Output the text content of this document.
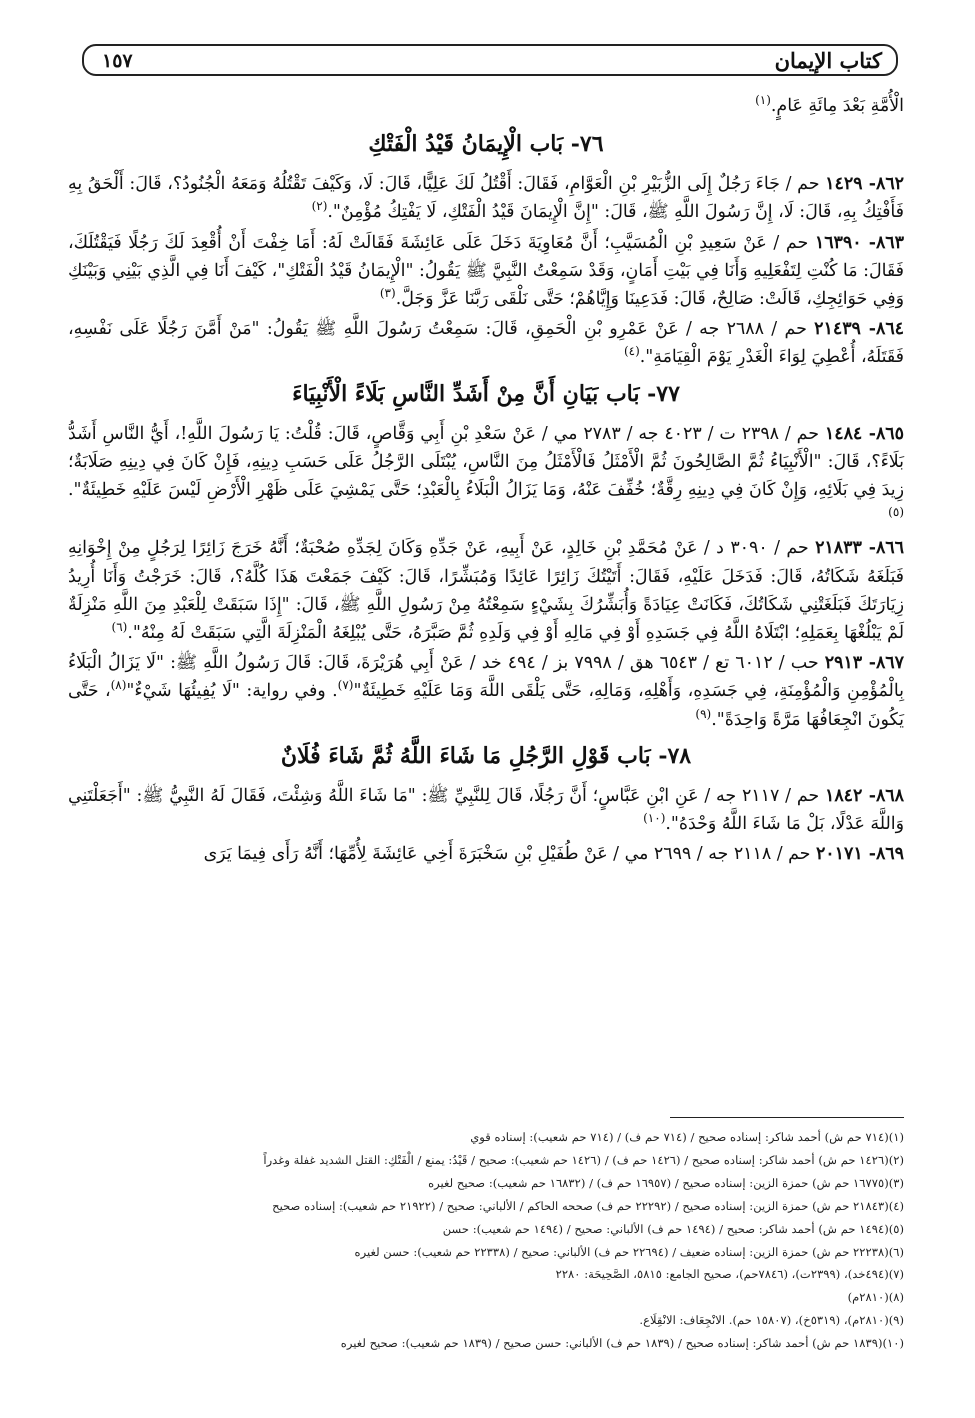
كتاب الإيمان
١٥٧

الْأُمَّةِ بَعْدَ مِائَةِ عَامٍ.$^{(١)}$

٧٦- بَاب الْإِيمَانُ قَيْدُ الْفَتْكِ

٨٦٢- ١٤٢٩ حم / جَاءَ رَجُلٌ إِلَى الزُّبَيْرِ بْنِ الْعَوَّامِ، فَقَالَ: أَقْتُلُ لَكَ عَلِيًّا، قَالَ: لَا، وَكَيْفَ تَقْتُلُهُ وَمَعَهُ الْجُنُودُ؟، قَالَ: أَلْحَقُ بِهِ فَأَفْتِكُ بِهِ، قَالَ: لَا، إِنَّ رَسُولَ اللَّهِ ﷺ، قَالَ: "إِنَّ الْإِيمَانَ قَيْدُ الْفَتْكِ، لَا يَفْتِكُ مُؤْمِنٌ".$^{(٢)}$

٨٦٣- ١٦٣٩٠ حم / عَنْ سَعِيدِ بْنِ الْمُسَيَّبِ؛ أَنَّ مُعَاوِيَةَ دَخَلَ عَلَى عَائِشَةَ فَقَالَتْ لَهُ: أَمَا خِفْتَ أَنْ أُقْعِدَ لَكَ رَجُلًا فَيَقْتُلَكَ، فَقَالَ: مَا كُنْتِ لِتَفْعَلِيهِ وَأَنَا فِي بَيْتِ أَمَانٍ، وَقَدْ سَمِعْتُ النَّبِيَّ ﷺ يَقُولُ: "الْإِيمَانُ قَيْدُ الْفَتْكِ"، كَيْفَ أَنَا فِي الَّذِي بَيْنِي وَبَيْنَكِ وَفِي حَوَائِجِكِ، قَالَتْ: صَالِحٌ، قَالَ: فَدَعِينَا وَإِيَّاهُمْ؛ حَتَّى نَلْقَى رَبَّنَا عَزَّ وَجَلَّ.$^{(٣)}$

٨٦٤- ٢١٤٣٩ حم / ٢٦٨٨ جه / عَنْ عَمْرِو بْنِ الْحَمِقِ، قَالَ: سَمِعْتُ رَسُولَ اللَّهِ ﷺ يَقُولُ: "مَنْ أَمَّنَ رَجُلًا عَلَى نَفْسِهِ، فَقَتَلَهُ، أُعْطِيَ لِوَاءَ الْغَدْرِ يَوْمَ الْقِيَامَةِ".$^{(٤)}$

٧٧- بَاب بَيَانِ أَنَّ مِنْ أَشَدِّ النَّاسِ بَلَاءً الْأَنْبِيَاءَ

٨٦٥- ١٤٨٤ حم / ٢٣٩٨ ت / ٤٠٢٣ جه / ٢٧٨٣ مي / عَنْ سَعْدِ بْنِ أَبِي وَقَّاصٍ، قَالَ: قُلْتُ: يَا رَسُولَ اللَّهِ!، أَيُّ النَّاسِ أَشَدُّ بَلَاءً؟، قَالَ: "الْأَنْبِيَاءُ ثُمَّ الصَّالِحُونَ ثُمَّ الْأَمْثَلُ فَالْأَمْثَلُ مِنَ النَّاسِ، يُبْتَلَى الرَّجُلُ عَلَى حَسَبِ دِينِهِ، فَإِنْ كَانَ فِي دِينِهِ صَلَابَةٌ؛ زِيدَ فِي بَلَائِهِ، وَإِنْ كَانَ فِي دِينِهِ رِقَّةٌ؛ خُفِّفَ عَنْهُ، وَمَا يَزَالُ الْبَلَاءُ بِالْعَبْدِ؛ حَتَّى يَمْشِيَ عَلَى ظَهْرِ الْأَرْضِ لَيْسَ عَلَيْهِ خَطِيئَةٌ".$^{(٥)}$

٨٦٦- ٢١٨٣٣ حم / ٣٠٩٠ د / عَنْ مُحَمَّدِ بْنِ خَالِدٍ، عَنْ أَبِيهِ، عَنْ جَدِّهِ وَكَانَ لِجَدِّهِ صُحْبَةٌ؛ أَنَّهُ خَرَجَ زَائِرًا لِرَجُلٍ مِنْ إِخْوَانِهِ فَبَلَغَهُ شَكَاتُهُ، قَالَ: فَدَخَلَ عَلَيْهِ، فَقَالَ: أَتَيْتُكَ زَائِرًا عَائِدًا وَمُبَشِّرًا، قَالَ: كَيْفَ جَمَعْتَ هَذَا كُلَّهُ؟، قَالَ: خَرَجْتُ وَأَنَا أُرِيدُ زِيَارَتَكَ فَبَلَغَتْنِي شَكَاتُكَ، فَكَانَتْ عِيَادَةً وَأُبَشِّرُكَ بِشَيْءٍ سَمِعْتُهُ مِنْ رَسُولِ اللَّهِ ﷺ، قَالَ: "إِذَا سَبَقَتْ لِلْعَبْدِ مِنَ اللَّهِ مَنْزِلَةٌ لَمْ يَبْلُغْهَا بِعَمَلِهِ؛ ابْتَلَاهُ اللَّهُ فِي جَسَدِهِ أَوْ فِي مَالِهِ أَوْ فِي وَلَدِهِ ثُمَّ صَبَّرَهُ، حَتَّى يُبْلِغَهُ الْمَنْزِلَةَ الَّتِي سَبَقَتْ لَهُ مِنْهُ".$^{(٦)}$

٨٦٧- ٢٩١٣ حب / ٦٠١٢ تع / ٦٥٤٣ هق / ٧٩٩٨ بز / ٤٩٤ خد / عَنْ أَبِي هُرَيْرَةَ، قَالَ: قَالَ رَسُولُ اللَّهِ ﷺ: "لَا يَزَالُ الْبَلَاءُ بِالْمُؤْمِنِ وَالْمُؤْمِنَةِ، فِي جَسَدِهِ، وَأَهْلِهِ، وَمَالِهِ، حَتَّى يَلْقَى اللَّهَ وَمَا عَلَيْهِ خَطِيئَةٌ"$^{(٧)}$. وفي رواية: "لَا يُفِيئُهَا شَيْءٌ"$^{(٨)}$، حَتَّى يَكُونَ انْجِعَافُهَا مَرَّةً وَاحِدَةً".$^{(٩)}$

٧٨- بَاب قَوْلِ الرَّجُلِ مَا شَاءَ اللَّهُ ثُمَّ شَاءَ فُلَانٌ

٨٦٨- ١٨٤٢ حم / ٢١١٧ جه / عَنِ ابْنِ عَبَّاسٍ؛ أَنَّ رَجُلًا، قَالَ لِلنَّبِيِّ ﷺ: "مَا شَاءَ اللَّهُ وَشِئْتَ، فَقَالَ لَهُ النَّبِيُّ ﷺ: "أَجَعَلْتَنِي وَاللَّهَ عَدْلًا، بَلْ مَا شَاءَ اللَّهُ وَحْدَهُ".$^{(١٠)}$

٨٦٩- ٢٠١٧١ حم / ٢١١٨ جه / ٢٦٩٩ مي / عَنْ طُفَيْلِ بْنِ سَخْبَرَةَ أَخِي عَائِشَةَ لِأُمِّهَا؛ أَنَّهُ رَأَى فِيمَا يَرَى

(١)(٧١٤ حم ش) أحمد شاكر: إسناده صحيح / (٧١٤ حم ف) / (٧١٤ حم شعيب): إسناده قوي
(٢)(١٤٢٦ حم ش) أحمد شاكر: إسناده صحيح / (١٤٢٦ حم ف) / (١٤٢٦ حم شعيب): صحيح / قَيْدُ: يمنع / الْفَتْكِ: القتل الشديد غفلة وغدراً
(٣)(١٦٧٧٥ حم ش) حمزة الزين: إسناده صحيح / (١٦٩٥٧ حم ف) / (١٦٨٣٢ حم شعيب): صحيح لغيره
(٤)(٢١٨٤٣ حم ش) حمزة الزين: إسناده صحيح / (٢٢٢٩٢ حم ف) صححه الحاكم / الألباني: صحيح / (٢١٩٢٢ حم شعيب): إسناده صحيح
(٥)(١٤٩٤ حم ش) أحمد شاكر: صحيح / (١٤٩٤ حم ف) الألباني: صحيح / (١٤٩٤ حم شعيب): حسن
(٦)(٢٢٢٣٨ حم ش) حمزة الزين: إسناده ضعيف / (٢٢٦٩٤ حم ف) الألباني: صحيح / (٢٢٣٣٨ حم شعيب): حسن لغيره
(٧)(٤٩٤خد)، (٢٣٩٩ت)، (٧٨٤٦حم)، صحيح الجامع: ٥٨١٥، الصَّحِيحَة: ٢٢٨٠
(٨)(٢٨١٠م)
(٩)(٢٨١٠م)، (٥٣١٩خ)، (١٥٨٠٧ حم). الانْجِعَاف: الانْقِلَاع.
(١٠)(١٨٣٩ حم ش) أحمد شاكر: إسناده صحيح / (١٨٣٩ حم ف) الألباني: حسن صحيح / (١٨٣٩ حم شعيب): صحيح لغيره
